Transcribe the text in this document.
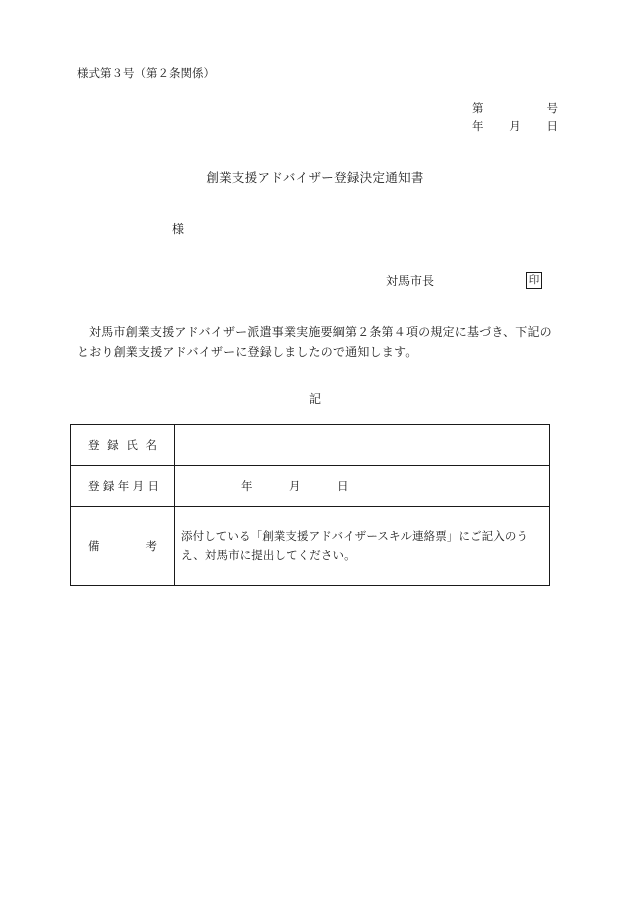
様式第３号（第２条関係）
第	号
年 月 日
創業支援アドバイザー登録決定通知書
様
対馬市長	印
対馬市創業支援アドバイザー派遣事業実施要綱第２条第４項の規定に基づき、下記のとおり創業支援アドバイザーに登録しましたので通知します。
記
登 録 氏 名	

登 録 年 月 日	年 月 日

備 考	添付している「創業支援アドバイザースキル連絡票」にご記入のうえ、対馬市に提出してください。
